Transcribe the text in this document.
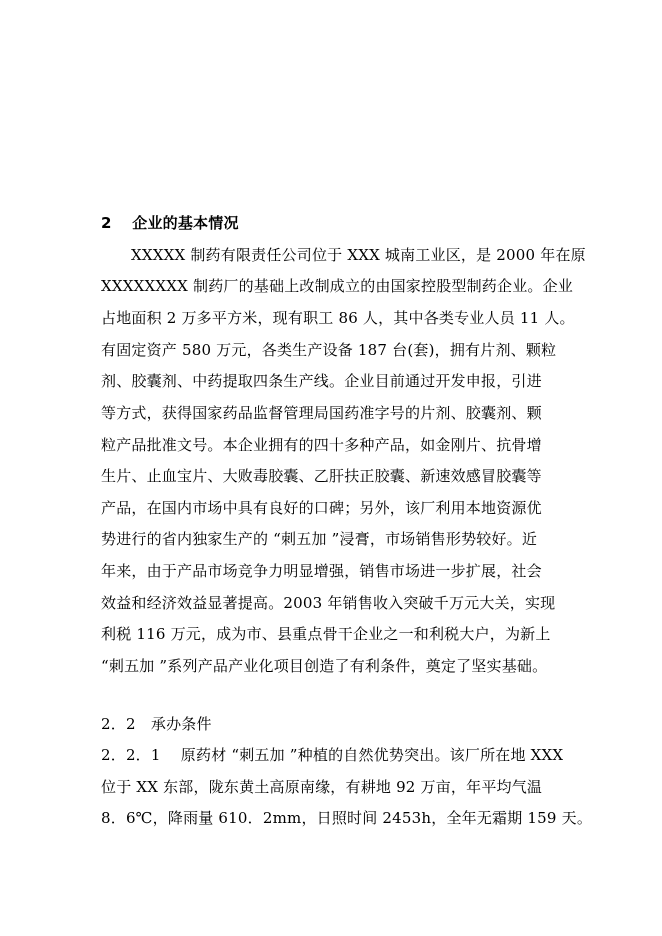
2　 企业的基本情况
XXXXX 制药有限责任公司位于 XXX 城南工业区，是 2000 年在原
XXXXXXXX 制药厂的基础上改制成立的由国家控股型制药企业。企业
占地面积 2 万多平方米，现有职工 86 人，其中各类专业人员 11 人。
有固定资产 580 万元，各类生产设备 187 台(套)，拥有片剂、颗粒
剂、胶囊剂、中药提取四条生产线。企业目前通过开发申报，引进
等方式，获得国家药品监督管理局国药准字号的片剂、胶囊剂、颗
粒产品批准文号。本企业拥有的四十多种产品，如金刚片、抗骨增
生片、止血宝片、大败毒胶囊、乙肝扶正胶囊、新速效感冒胶囊等
产品，在国内市场中具有良好的口碑；另外，该厂利用本地资源优
势进行的省内独家生产的 “刺五加 ”浸膏，市场销售形势较好。近
年来，由于产品市场竞争力明显增强，销售市场进一步扩展，社会
效益和经济效益显著提高。2003 年销售收入突破千万元大关，实现
利税 116 万元，成为市、县重点骨干企业之一和利税大户，为新上
“刺五加 ”系列产品产业化项目创造了有利条件，奠定了坚实基础。
2．2　承办条件
2．2．1　 原药材 “刺五加 ”种植的自然优势突出。该厂所在地 XXX
位于 XX 东部，陇东黄土高原南缘，有耕地 92 万亩，年平均气温
8．6℃，降雨量 610．2mm，日照时间 2453h，全年无霜期 159 天。
